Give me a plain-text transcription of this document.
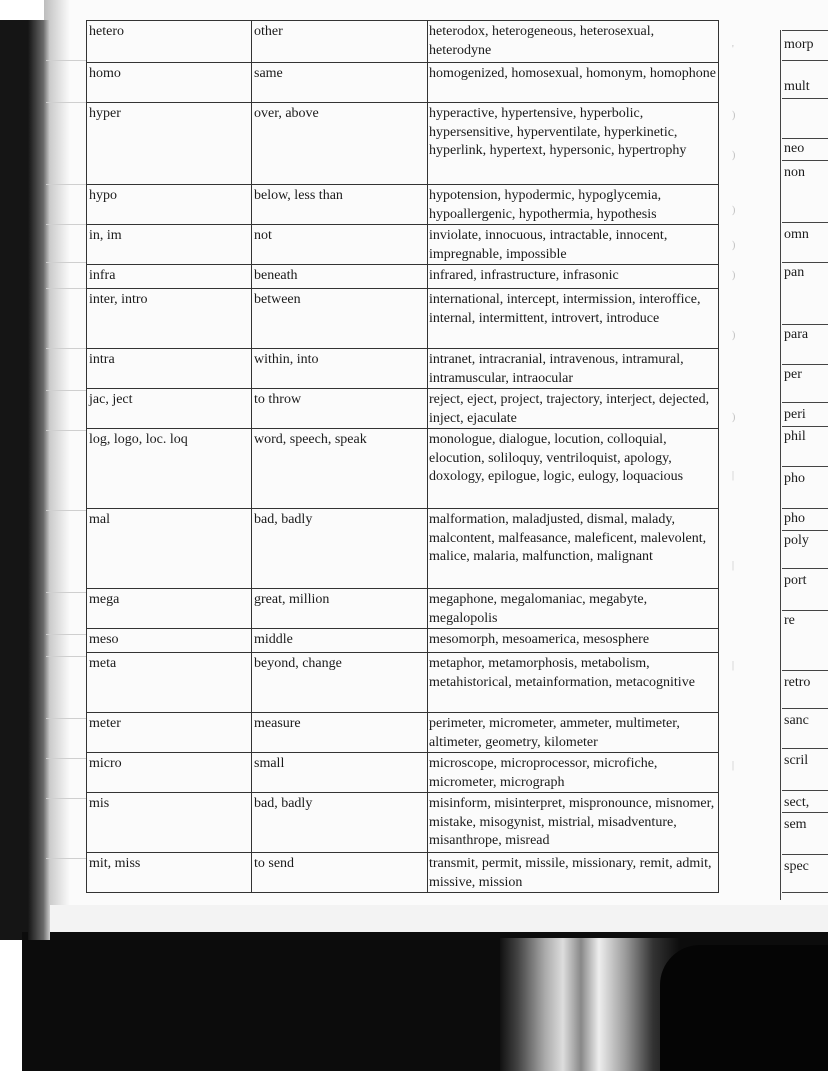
hetero	other	heterodox, heterogeneous, heterosexual, heterodyne
homo	same	homogenized, homosexual, homonym, homophone
hyper	over, above	hyperactive, hypertensive, hyperbolic, hypersensitive, hyperventilate, hyperkinetic, hyperlink, hypertext, hypersonic, hypertrophy
hypo	below, less than	hypotension, hypodermic, hypoglycemia, hypoallergenic, hypothermia, hypothesis
in, im	not	inviolate, innocuous, intractable, innocent, impregnable, impossible
infra	beneath	infrared, infrastructure, infrasonic
inter, intro	between	international, intercept, intermission, interoffice, internal, intermittent, introvert, introduce
intra	within, into	intranet, intracranial, intravenous, intramural, intramuscular, intraocular
jac, ject	to throw	reject, eject, project, trajectory, interject, dejected, inject, ejaculate
log, logo, loc. loq	word, speech, speak	monologue, dialogue, locution, colloquial, elocution, soliloquy, ventriloquist, apology, doxology, epilogue, logic, eulogy, loquacious
mal	bad, badly	malformation, maladjusted, dismal, malady, malcontent, malfeasance, maleficent, malevolent, malice, malaria, malfunction, malignant
mega	great, million	megaphone, megalomaniac, megabyte, megalopolis
meso	middle	mesomorph, mesoamerica, mesosphere
meta	beyond, change	metaphor, metamorphosis, metabolism, metahistorical, metainformation, metacognitive
meter	measure	perimeter, micrometer, ammeter, multimeter, altimeter, geometry, kilometer
micro	small	microscope, microprocessor, microfiche, micrometer, micrograph
mis	bad, badly	misinform, misinterpret, mispronounce, misnomer, mistake, misogynist, mistrial, misadventure, misanthrope, misread
mit, miss	to send	transmit, permit, missile, missionary, remit, admit, missive, mission
'
)
)
)
)
)
)
)
|
|
|
|
morp
mult
neo
non
omn
pan
para
per
peri
phil
pho
pho
poly
port
re
retro
sanc
scril
sect,
sem
spec
